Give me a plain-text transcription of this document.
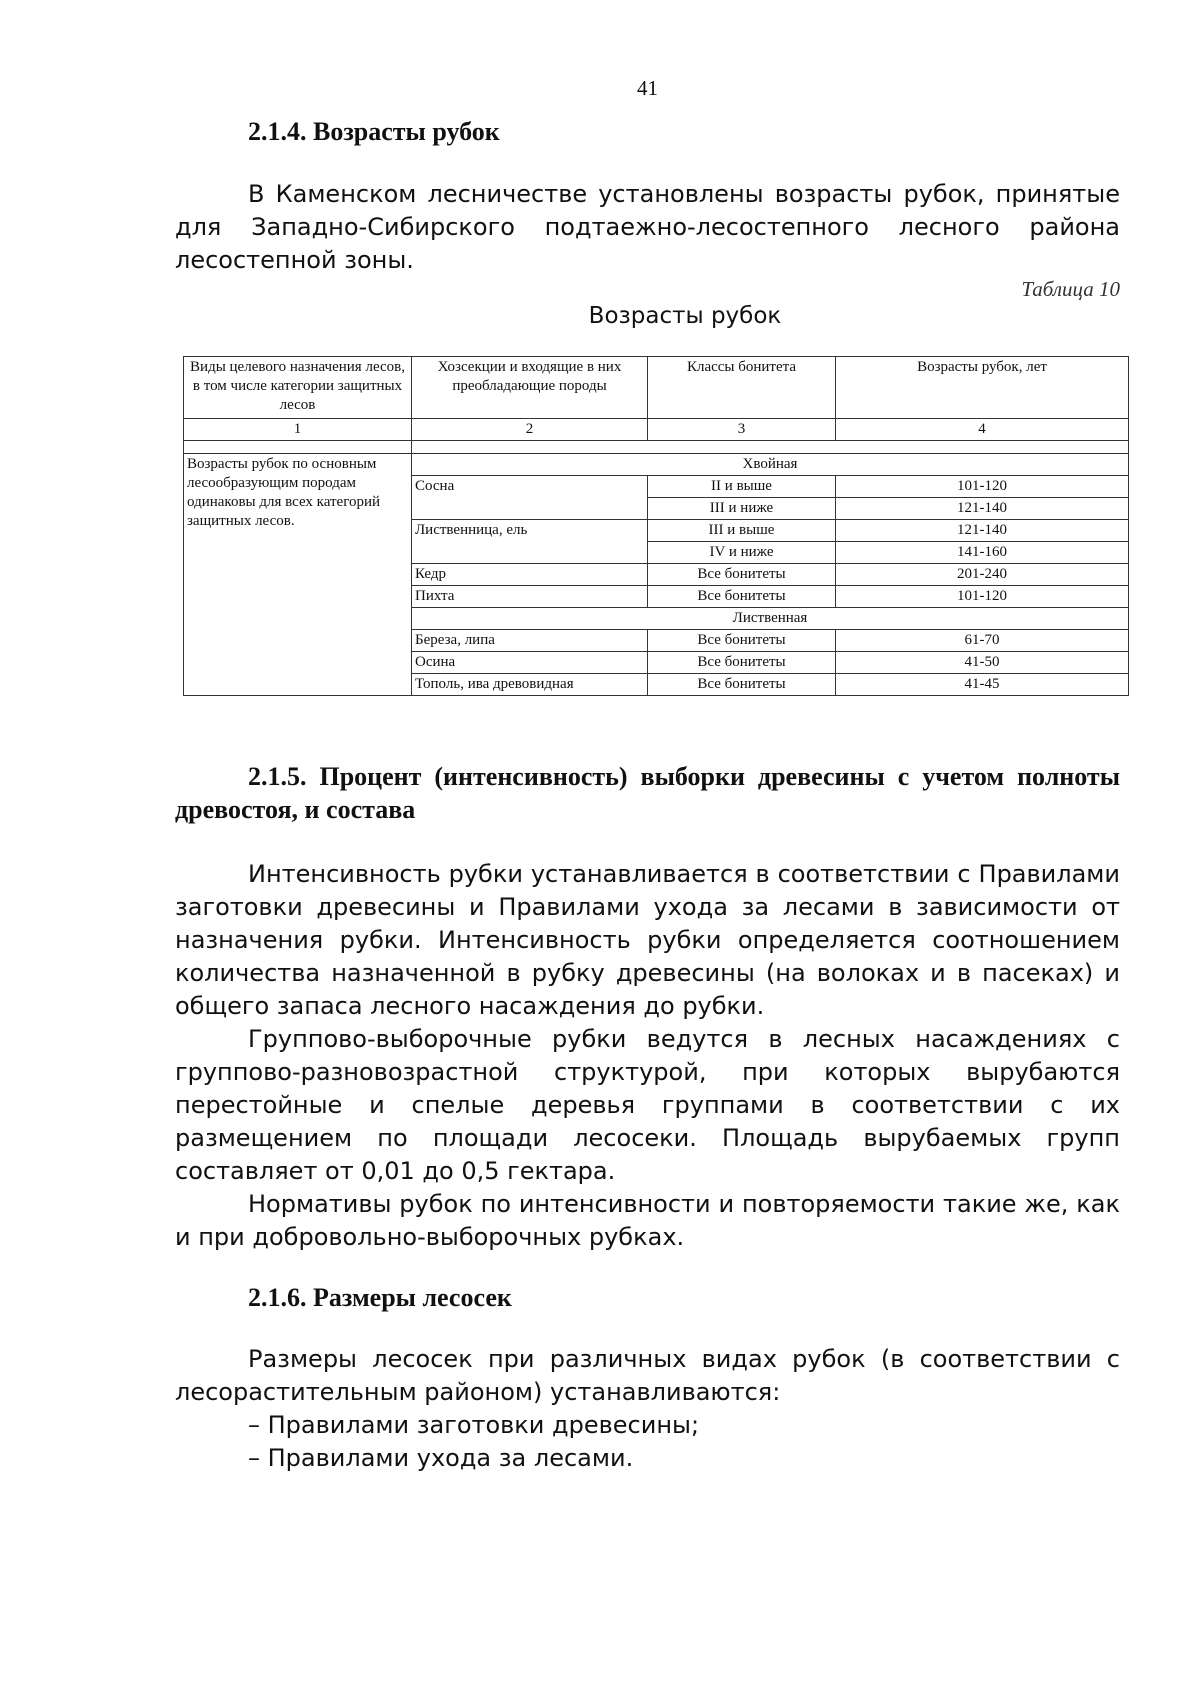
41
2.1.4. Возрасты рубок

В Каменском лесничестве установлены возрасты рубок, принятые для Западно-Сибирского подтаежно-лесостепного лесного района лесостепной зоны.

Таблица 10
Возрасты рубок
Виды целевого назначения лесов, в том числе категории защитных лесов	Хозсекции и входящие в них преобладающие породы	Классы бонитета	Возрасты рубок, лет
1	2	3	4

Возрасты рубок по основным лесообразующим породам одинаковы для всех категорий защитных лесов.	Хвойная		
	Сосна	II и выше	101-120
		III и ниже	121-140
	Лиственница, ель	III и выше	121-140
		IV и ниже	141-160
	Кедр	Все бонитеты	201-240
	Пихта	Все бонитеты	101-120
	Лиственная		
	Береза, липа	Все бонитеты	61-70
	Осина	Все бонитеты	41-50
	Тополь, ива древовидная	Все бонитеты	41-45
2.1.5. Процент (интенсивность) выборки древесины с учетом полноты древостоя, и состава

Интенсивность рубки устанавливается в соответствии с Правилами заготовки древесины и Правилами ухода за лесами в зависимости от назначения рубки. Интенсивность рубки определяется соотношением количества назначенной в рубку древесины (на волоках и в пасеках) и общего запаса лесного насаждения до рубки.

Группово-выборочные рубки ведутся в лесных насаждениях с группово-разновозрастной структурой, при которых вырубаются перестойные и спелые деревья группами в соответствии с их размещением по площади лесосеки. Площадь вырубаемых групп составляет от 0,01 до 0,5 гектара.

Нормативы рубок по интенсивности и повторяемости такие же, как и при добровольно-выборочных рубках.

2.1.6. Размеры лесосек

Размеры лесосек при различных видах рубок (в соответствии с лесорастительным районом) устанавливаются:

– Правилами заготовки древесины;

– Правилами ухода за лесами.
